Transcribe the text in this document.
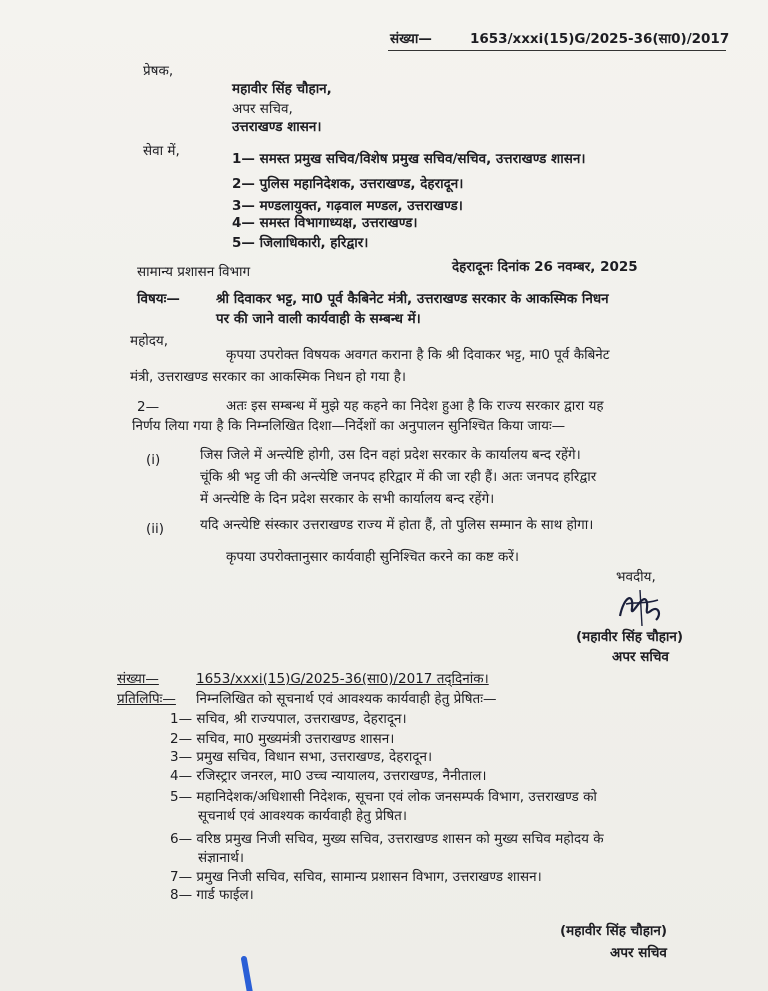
संख्या—	1653/xxxi(15)G/2025-36(सा0)/2017
प्रेषक,
महावीर सिंह चौहान,
अपर सचिव,
उत्तराखण्ड शासन।
सेवा में,	1— समस्त प्रमुख सचिव/विशेष प्रमुख सचिव/सचिव, उत्तराखण्ड शासन।
2— पुलिस महानिदेशक, उत्तराखण्ड, देहरादून।
3— मण्डलायुक्त, गढ़वाल मण्डल, उत्तराखण्ड।
4— समस्त विभागाध्यक्ष, उत्तराखण्ड।
5— जिलाधिकारी, हरिद्वार।
सामान्य प्रशासन विभाग	देहरादूनः दिनांक 26 नवम्बर, 2025
विषयः—	श्री दिवाकर भट्ट, मा0 पूर्व कैबिनेट मंत्री, उत्तराखण्ड सरकार के आकस्मिक निधन
पर की जाने वाली कार्यवाही के सम्बन्ध में।
महोदय,
कृपया उपरोक्त विषयक अवगत कराना है कि श्री दिवाकर भट्ट, मा0 पूर्व कैबिनेट
मंत्री, उत्तराखण्ड सरकार का आकस्मिक निधन हो गया है।
2—	अतः इस सम्बन्ध में मुझे यह कहने का निदेश हुआ है कि राज्य सरकार द्वारा यह
निर्णय लिया गया है कि निम्नलिखित दिशा—निर्देशों का अनुपालन सुनिश्चित किया जायः—
(i)	जिस जिले में अन्त्येष्टि होगी, उस दिन वहां प्रदेश सरकार के कार्यालय बन्द रहेंगे।
चूंकि श्री भट्ट जी की अन्त्येष्टि जनपद हरिद्वार में की जा रही हैं। अतः जनपद हरिद्वार
में अन्त्येष्टि के दिन प्रदेश सरकार के सभी कार्यालय बन्द रहेंगे।
(ii)	यदि अन्त्येष्टि संस्कार उत्तराखण्ड राज्य में होता हैं, तो पुलिस सम्मान के साथ होगा।
कृपया उपरोक्तानुसार कार्यवाही सुनिश्चित करने का कष्ट करें।
भवदीय,
(महावीर सिंह चौहान)
अपर सचिव
संख्या—	1653/xxxi(15)G/2025-36(सा0)/2017 तद्‌दिनांक।
प्रतिलिपिः— निम्नलिखित को सूचनार्थ एवं आवश्यक कार्यवाही हेतु प्रेषितः—
1— सचिव, श्री राज्यपाल, उत्तराखण्ड, देहरादून।
2— सचिव, मा0 मुख्यमंत्री उत्तराखण्ड शासन।
3— प्रमुख सचिव, विधान सभा, उत्तराखण्ड, देहरादून।
4— रजिस्ट्रार जनरल, मा0 उच्च न्यायालय, उत्तराखण्ड, नैनीताल।
5— महानिदेशक/अधिशासी निदेशक, सूचना एवं लोक जनसम्पर्क विभाग, उत्तराखण्ड को
सूचनार्थ एवं आवश्यक कार्यवाही हेतु प्रेषित।
6— वरिष्ठ प्रमुख निजी सचिव, मुख्य सचिव, उत्तराखण्ड शासन को मुख्य सचिव महोदय के
संज्ञानार्थ।
7— प्रमुख निजी सचिव, सचिव, सामान्य प्रशासन विभाग, उत्तराखण्ड शासन।
8— गार्ड फाईल।
(महावीर सिंह चौहान)
अपर सचिव
